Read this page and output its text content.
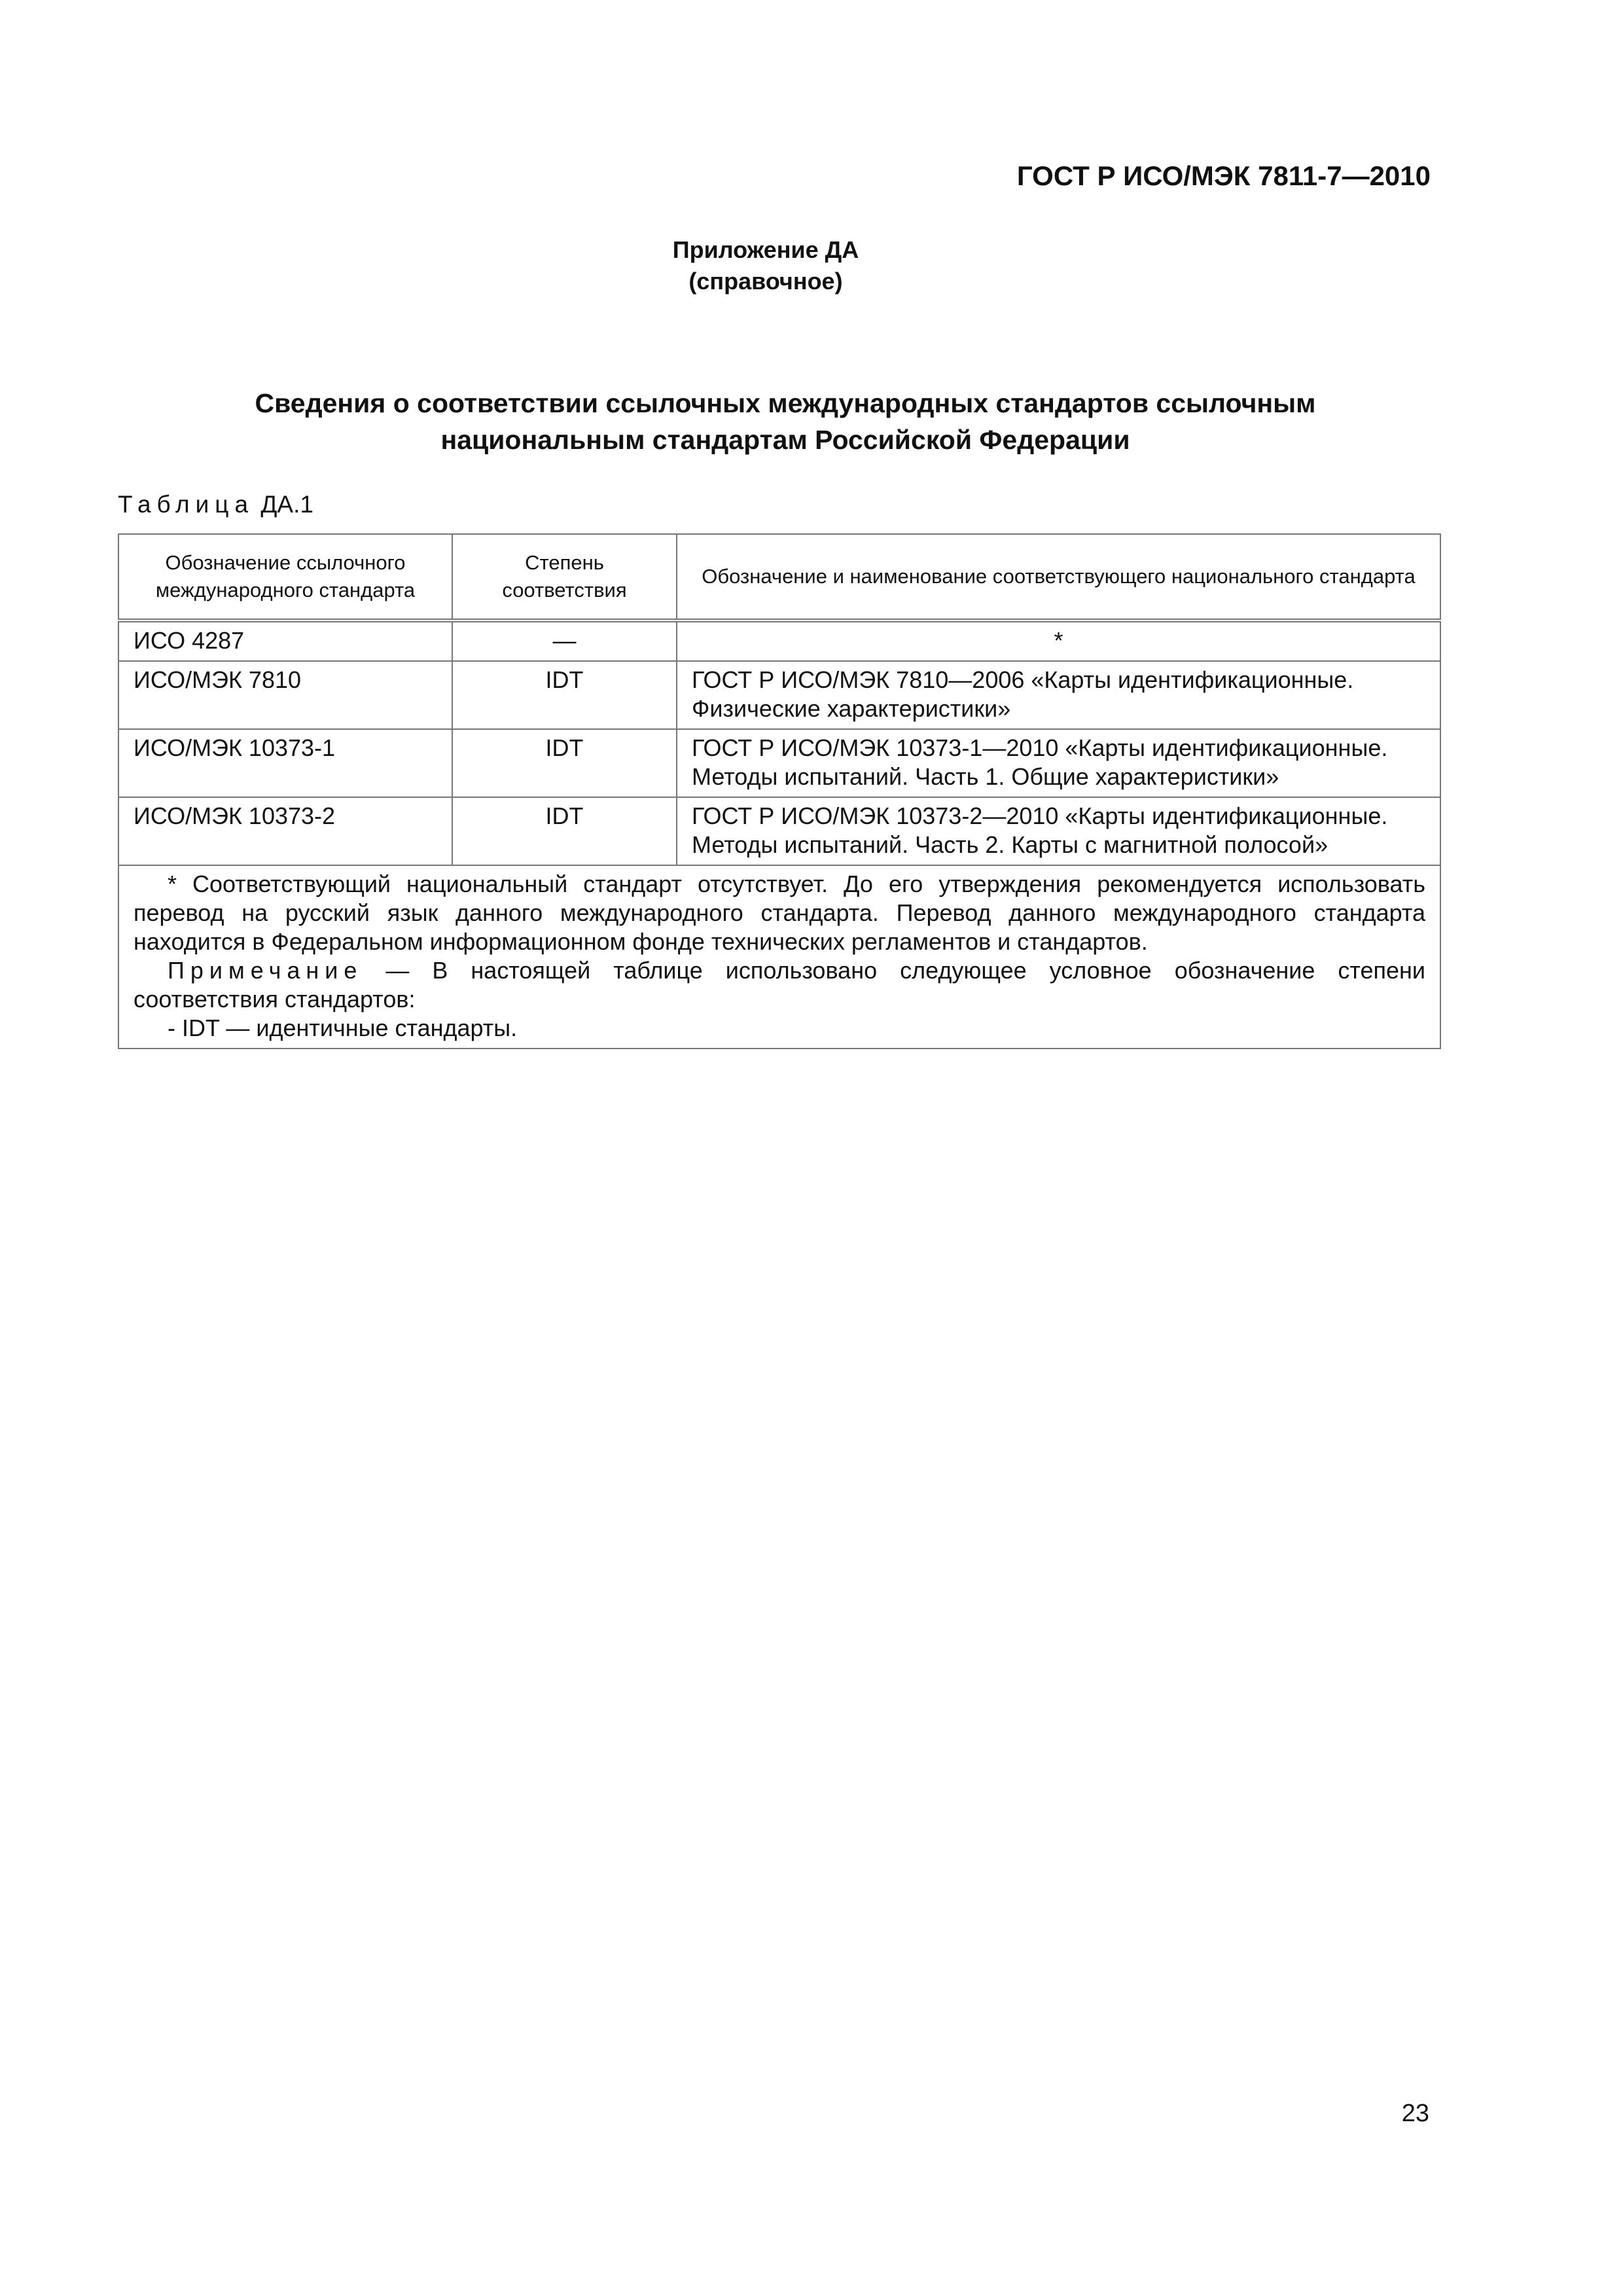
ГОСТ Р ИСО/МЭК 7811-7—2010
Приложение ДА
(справочное)
Сведения о соответствии ссылочных международных стандартов ссылочным
национальным стандартам Российской Федерации
Таблица ДА.1
Обозначение ссылочного международного стандарта	Степень соответствия	Обозначение и наименование соответствующего национального стандарта
ИСО 4287	—	*
ИСО/МЭК 7810	IDT	ГОСТ Р ИСО/МЭК 7810—2006 «Карты идентификационные. Физические характеристики»
ИСО/МЭК 10373-1	IDT	ГОСТ Р ИСО/МЭК 10373-1—2010 «Карты идентификационные. Методы испытаний. Часть 1. Общие характеристики»
ИСО/МЭК 10373-2	IDT	ГОСТ Р ИСО/МЭК 10373-2—2010 «Карты идентификационные. Методы испытаний. Часть 2. Карты с магнитной полосой»

* Соответствующий национальный стандарт отсутствует. До его утверждения рекомендуется использовать перевод на русский язык данного международного стандарта. Перевод данного международного стандарта находится в Федеральном информационном фонде технических регламентов и стандартов.
Примечание — В настоящей таблице использовано следующее условное обозначение степени соответствия стандартов:
- IDT — идентичные стандарты.		
23
